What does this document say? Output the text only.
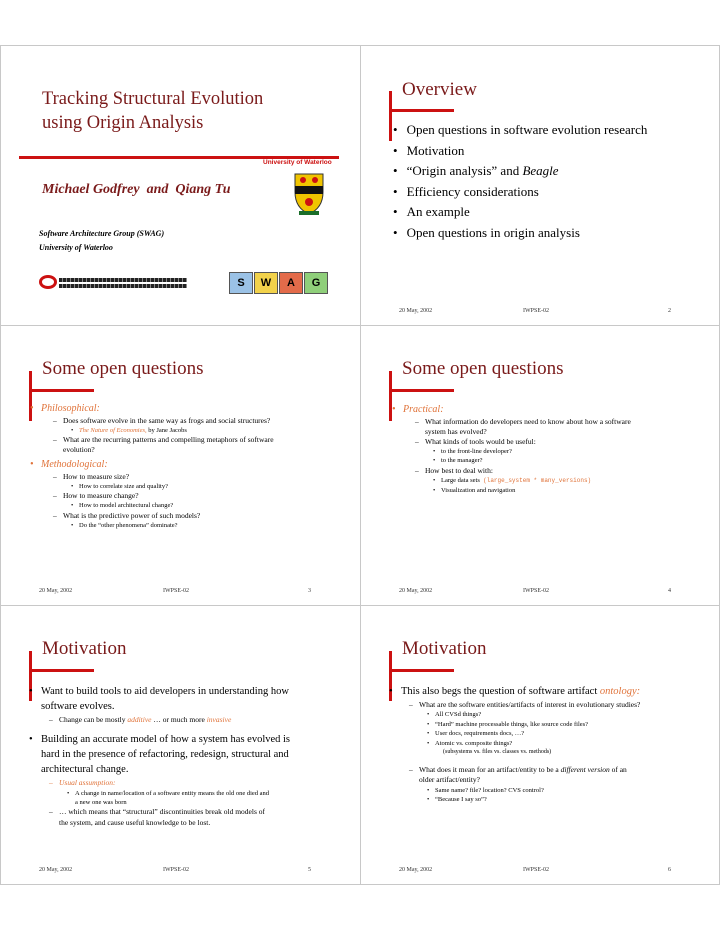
Tracking Structural Evolution
using Origin Analysis
University of Waterloo
Michael Godfrey  and  Qiang Tu
Software Architecture Group (SWAG)
University of Waterloo
S	W	A	G
Overview
• Open questions in software evolution research
• Motivation
• “Origin analysis” and Beagle
• Efficiency considerations
• An example
• Open questions in origin analysis
20 May, 2002	IWPSE-02	2
Some open questions
• Philosophical:
– Does software evolve in the same way as frogs and social structures?
• The Nature of Economies, by Jane Jacobs
– What are the recurring patterns and compelling metaphors of software
evolution?
• Methodological:
– How to measure size?
• How to correlate size and quality?
– How to measure change?
• How to model architectural change?
– What is the predictive power of such models?
• Do the “other phenomena” dominate?
20 May, 2002	IWPSE-02	3
Some open questions
• Practical:
– What information do developers need to know about how a software
system has evolved?
– What kinds of tools would be useful:
• to the front-line developer?
• to the manager?
– How best to deal with:
• Large data sets (large_system * many_versions)
• Visualization and navigation
20 May, 2002	IWPSE-02	4
Motivation
• Want to build tools to aid developers in understanding how
software evolves.
– Change can be mostly additive … or much more invasive
• Building an accurate model of how a system has evolved is
hard in the presence of refactoring, redesign, structural and
architectural change.
– Usual assumption:
• A change in name/location of a software entity means the old one died and
a new one was born
– … which means that “structural” discontinuities break old models of
the system, and cause useful knowledge to be lost.
20 May, 2002	IWPSE-02	5
Motivation
• This also begs the question of software artifact ontology:
– What are the software entities/artifacts of interest in evolutionary studies?
• All CVSd things?
• “Hard” machine processable things, like source code files?
• User docs, requirements docs, …?
• Atomic vs. composite things?
(subsystems vs. files vs. classes vs. methods)
– What does it mean for an artifact/entity to be a different version of an
older artifact/entity?
• Same name? file? location? CVS control?
• “Because I say so”?
20 May, 2002	IWPSE-02	6
